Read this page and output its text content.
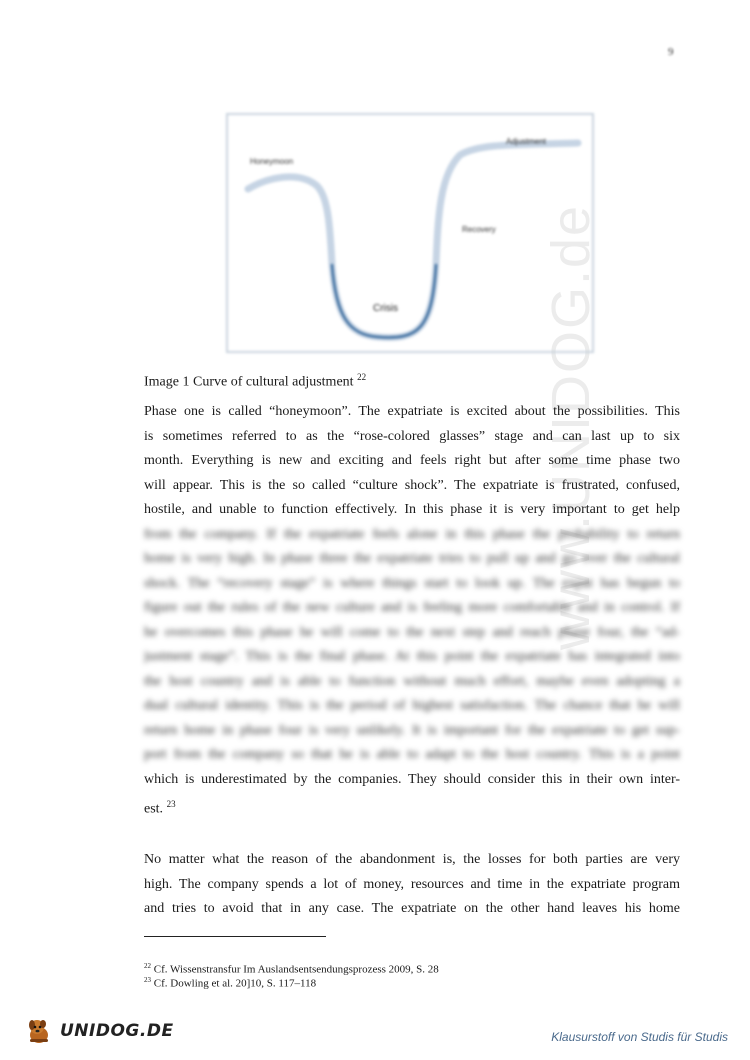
9
www.UNIDOG.de
Honeymoon
Adjustment
Recovery
Crisis
Image 1 Curve of cultural adjustment $^{22}$
Phase one is called “honeymoon”. The expatriate is excited about the possibilities. This
is sometimes referred to as the “rose-colored glasses” stage and can last up to six
month. Everything is new and exciting and feels right but after some time phase two
will appear. This is the so called “culture shock”. The expatriate is frustrated, confused,
hostile, and unable to function effectively. In this phase it is very important to get help
from the company. If the expatriate feels alone in this phase the probability to return
home is very high. In phase three the expatriate tries to pull up and go over the cultural
shock. The “recovery stage” is where things start to look up. The expat has begun to
figure out the rules of the new culture and is feeling more comfortable and in control. If
he overcomes this phase he will come to the next step and reach phase four, the “ad-
justment stage”. This is the final phase. At this point the expatriate has integrated into
the host country and is able to function without much effort, maybe even adopting a
dual cultural identity. This is the period of highest satisfaction. The chance that he will
return home in phase four is very unlikely. It is important for the expatriate to get sup-
port from the company so that he is able to adapt to the host country. This is a point
which is underestimated by the companies. They should consider this in their own inter-
est. $^{23}$
No matter what the reason of the abandonment is, the losses for both parties are very
high. The company spends a lot of money, resources and time in the expatriate program
and tries to avoid that in any case. The expatriate on the other hand leaves his home
$^{22}$ Cf. Wissenstransfur Im Auslandsentsendungsprozess 2009, S. 28
$^{23}$ Cf. Dowling et al. 20]10, S. 117–118
UNIDOG.DE	Klausurstoff von Studis für Studis
